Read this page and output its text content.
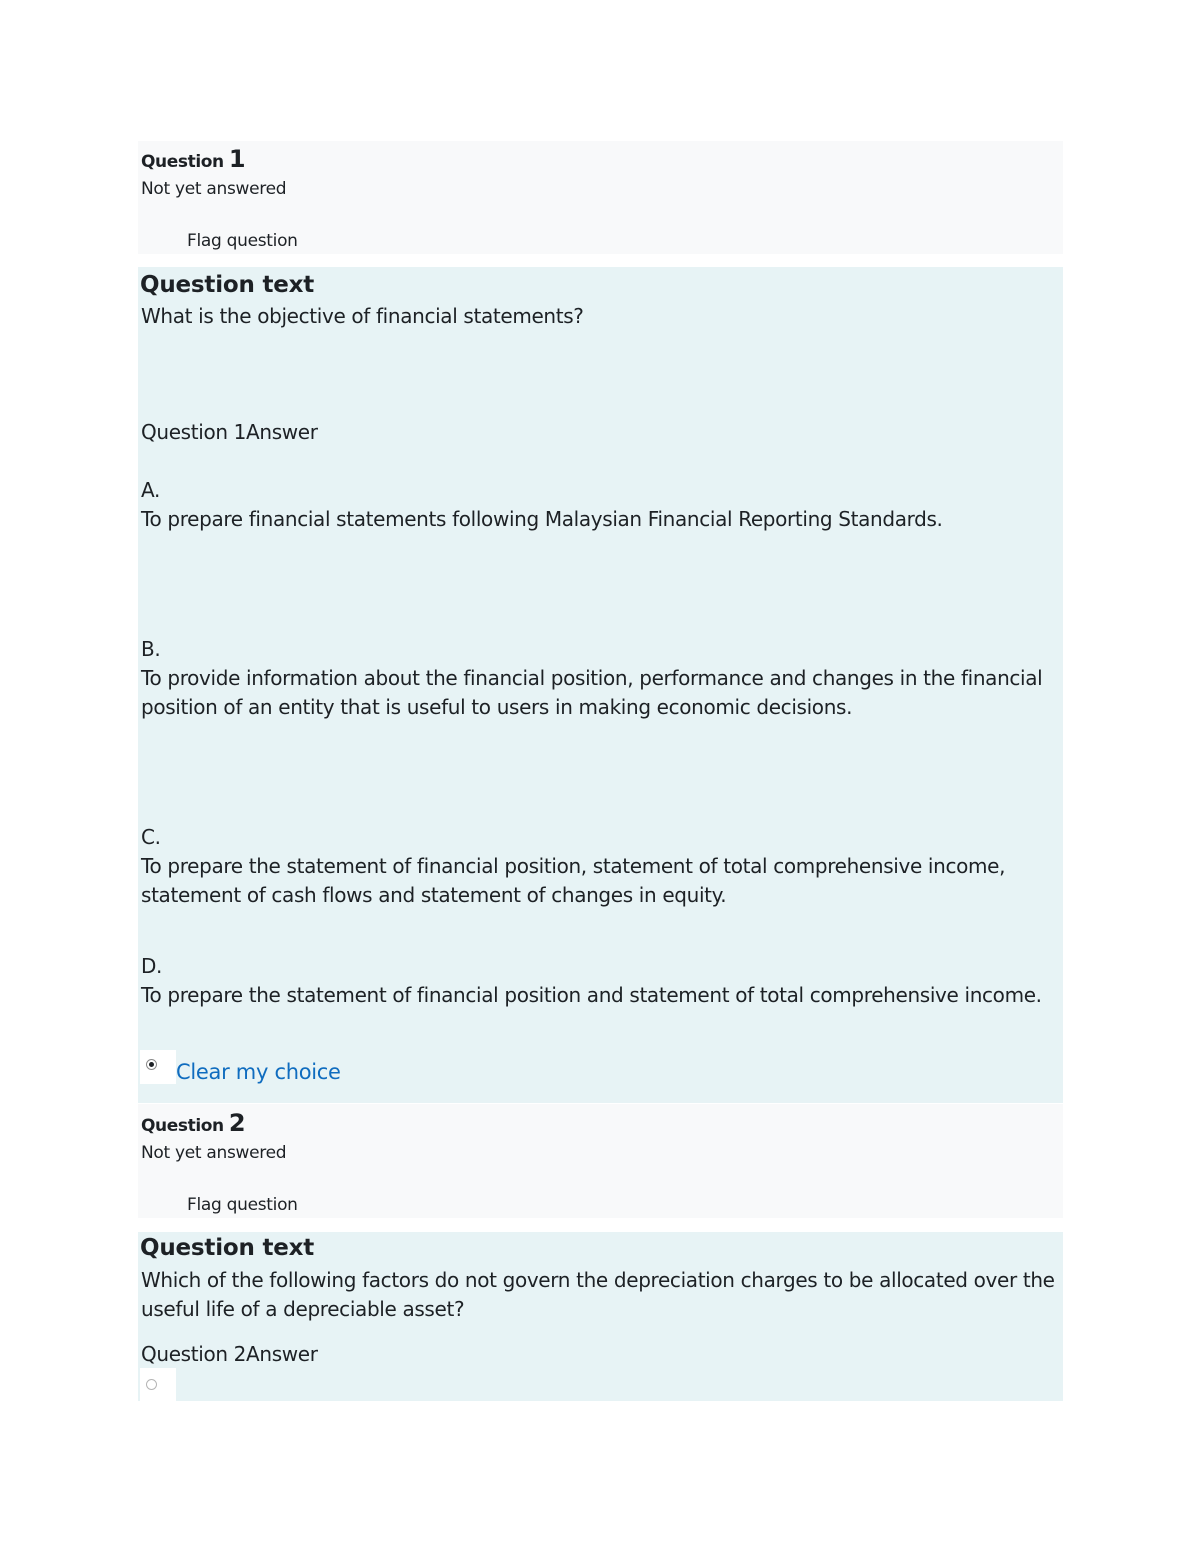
Question 1
Not yet answered
Flag question
Question text
What is the objective of financial statements?
Question 1Answer
A.
To prepare financial statements following Malaysian Financial Reporting Standards.
B.
To provide information about the financial position, performance and changes in the financial position of an entity that is useful to users in making economic decisions.
C.
To prepare the statement of financial position, statement of total comprehensive income, statement of cash flows and statement of changes in equity.
D.
To prepare the statement of financial position and statement of total comprehensive income.
Clear my choice
Question 2
Not yet answered
Flag question
Question text
Which of the following factors do not govern the depreciation charges to be allocated over the useful life of a depreciable asset?
Question 2Answer
